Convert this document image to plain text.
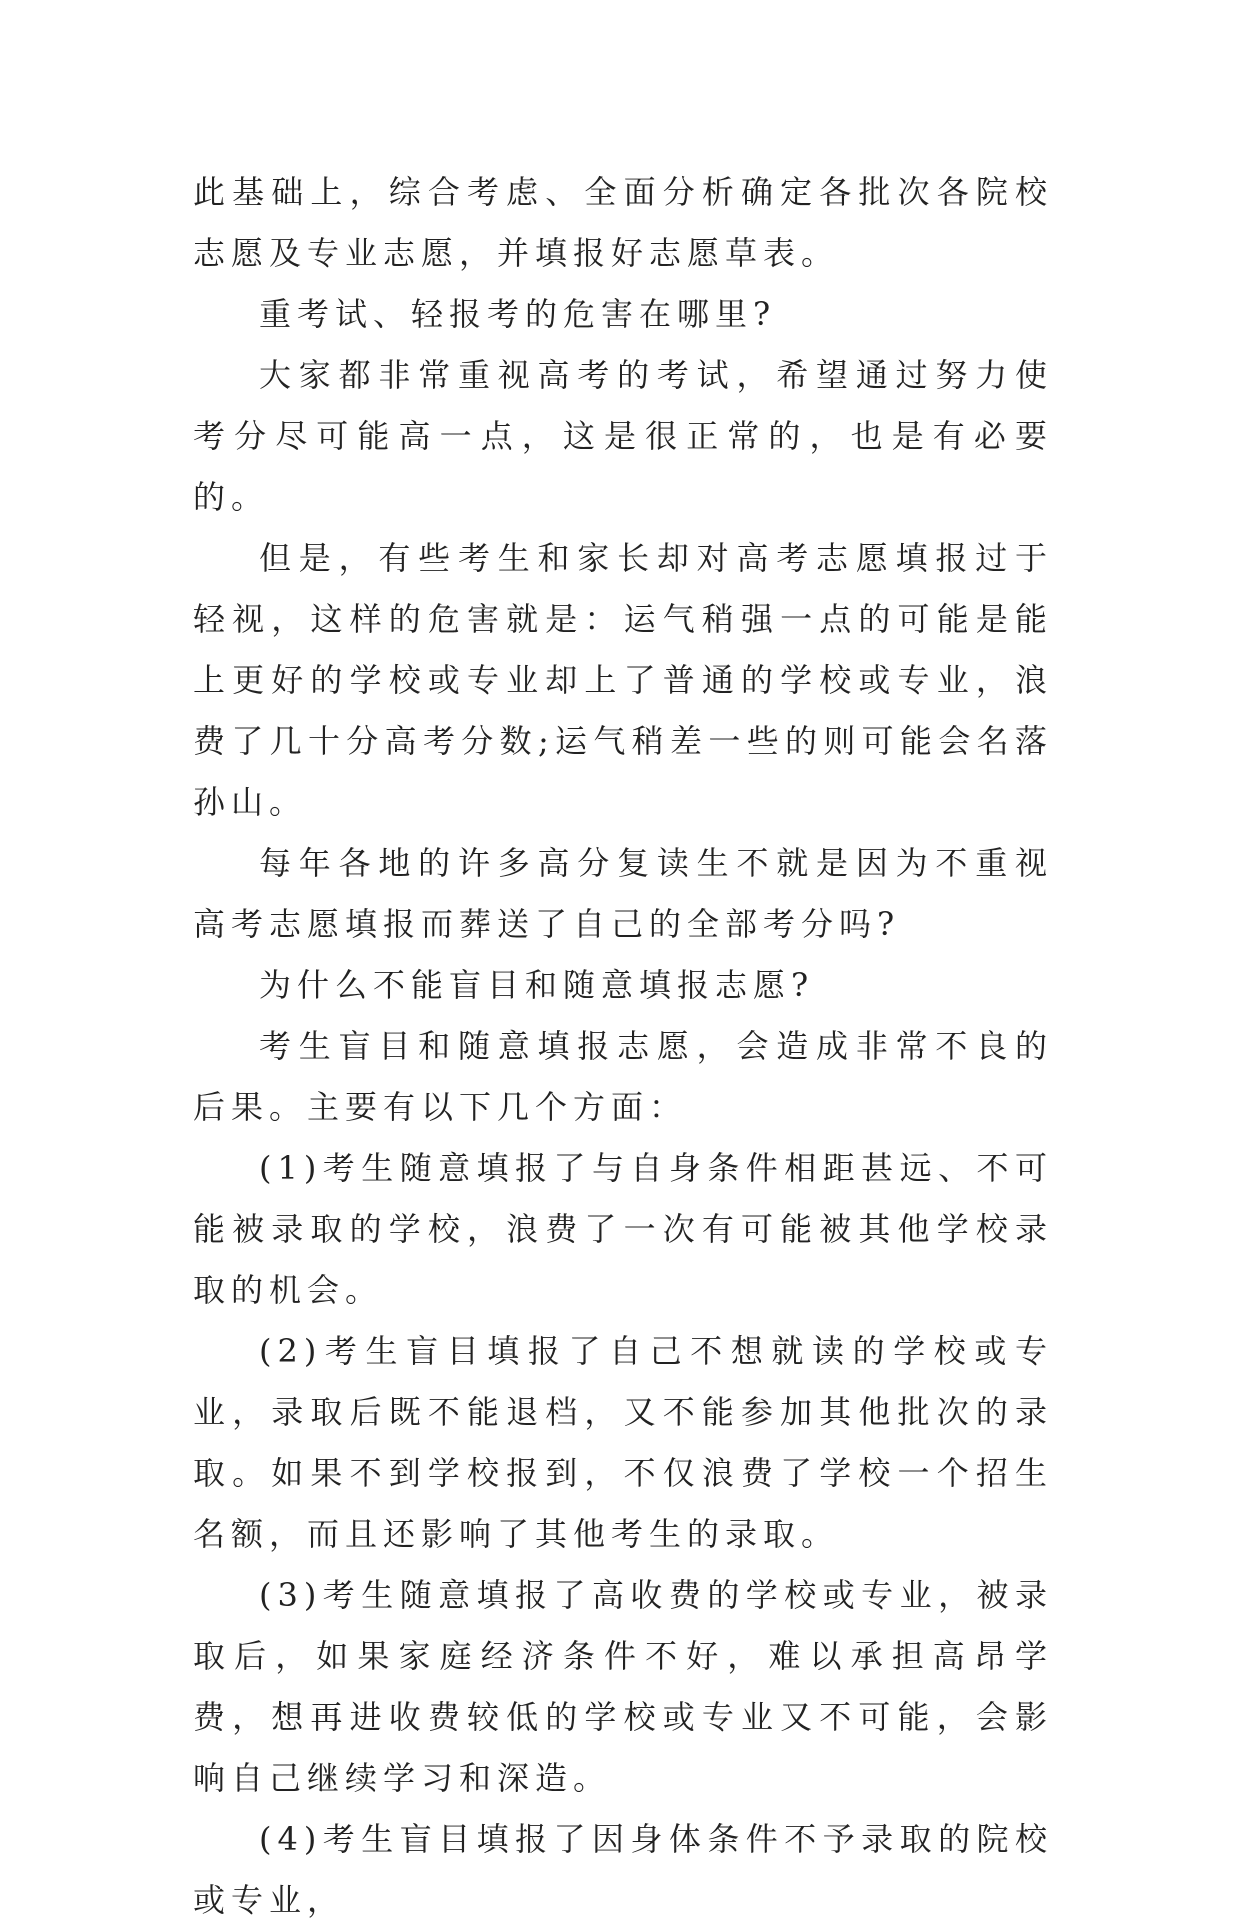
此基础上，综合考虑、全面分析确定各批次各院校志愿及专业志愿，并填报好志愿草表。

重考试、轻报考的危害在哪里?

大家都非常重视高考的考试，希望通过努力使考分尽可能高一点，这是很正常的，也是有必要的。

但是，有些考生和家长却对高考志愿填报过于轻视，这样的危害就是：运气稍强一点的可能是能上更好的学校或专业却上了普通的学校或专业，浪费了几十分高考分数;运气稍差一些的则可能会名落孙山。

每年各地的许多高分复读生不就是因为不重视高考志愿填报而葬送了自己的全部考分吗?

为什么不能盲目和随意填报志愿?

考生盲目和随意填报志愿，会造成非常不良的后果。主要有以下几个方面：

(1)考生随意填报了与自身条件相距甚远、不可能被录取的学校，浪费了一次有可能被其他学校录取的机会。

(2)考生盲目填报了自己不想就读的学校或专业，录取后既不能退档，又不能参加其他批次的录取。如果不到学校报到，不仅浪费了学校一个招生名额，而且还影响了其他考生的录取。

(3)考生随意填报了高收费的学校或专业，被录取后，如果家庭经济条件不好，难以承担高昂学费，想再进收费较低的学校或专业又不可能，会影响自己继续学习和深造。

(4)考生盲目填报了因身体条件不予录取的院校或专业，
